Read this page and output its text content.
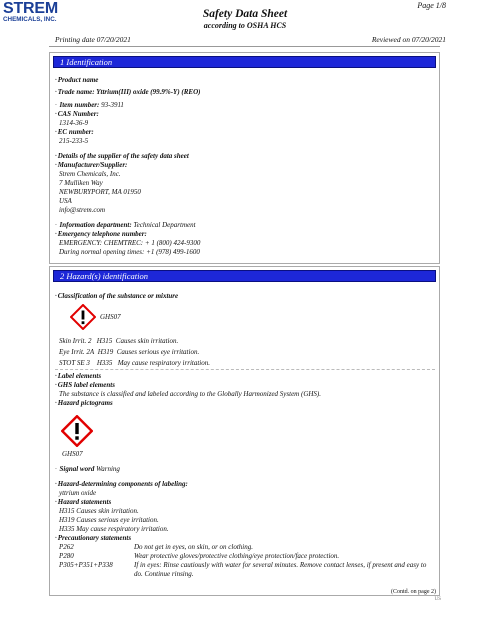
STREM
CHEMICALS, INC.
Page 1/8
Safety Data Sheet
according to OSHA HCS
Printing date 07/20/2021	Reviewed on 07/20/2021
1 Identification
· Product name
· Trade name: Yttrium(III) oxide (99.9%-Y) (REO)
· Item number: 93-3911
· CAS Number:
1314-36-9
· EC number:
215-233-5
· Details of the supplier of the safety data sheet
· Manufacturer/Supplier:
Strem Chemicals, Inc.
7 Mulliken Way
NEWBURYPORT, MA 01950
USA
info@strem.com
· Information department: Technical Department
· Emergency telephone number:
EMERGENCY: CHEMTREC: + 1 (800) 424-9300
During normal opening times: +1 (978) 499-1600
2 Hazard(s) identification
· Classification of the substance or mixture
GHS07
Skin Irrit. 2 H315 Causes skin irritation.
Eye Irrit. 2A H319 Causes serious eye irritation.
STOT SE 3 H335 May cause respiratory irritation.
· Label elements
· GHS label elements
The substance is classified and labeled according to the Globally Harmonized System (GHS).
· Hazard pictograms
GHS07
· Signal word Warning
· Hazard-determining components of labeling:
yttrium oxide
· Hazard statements
H315 Causes skin irritation.
H319 Causes serious eye irritation.
H335 May cause respiratory irritation.
· Precautionary statements
P262	Do not get in eyes, on skin, or on clothing.
P280	Wear protective gloves/protective clothing/eye protection/face protection.
P305+P351+P338	If in eyes: Rinse cautiously with water for several minutes. Remove contact lenses, if present and easy to do. Continue rinsing.
(Contd. on page 2)
US
